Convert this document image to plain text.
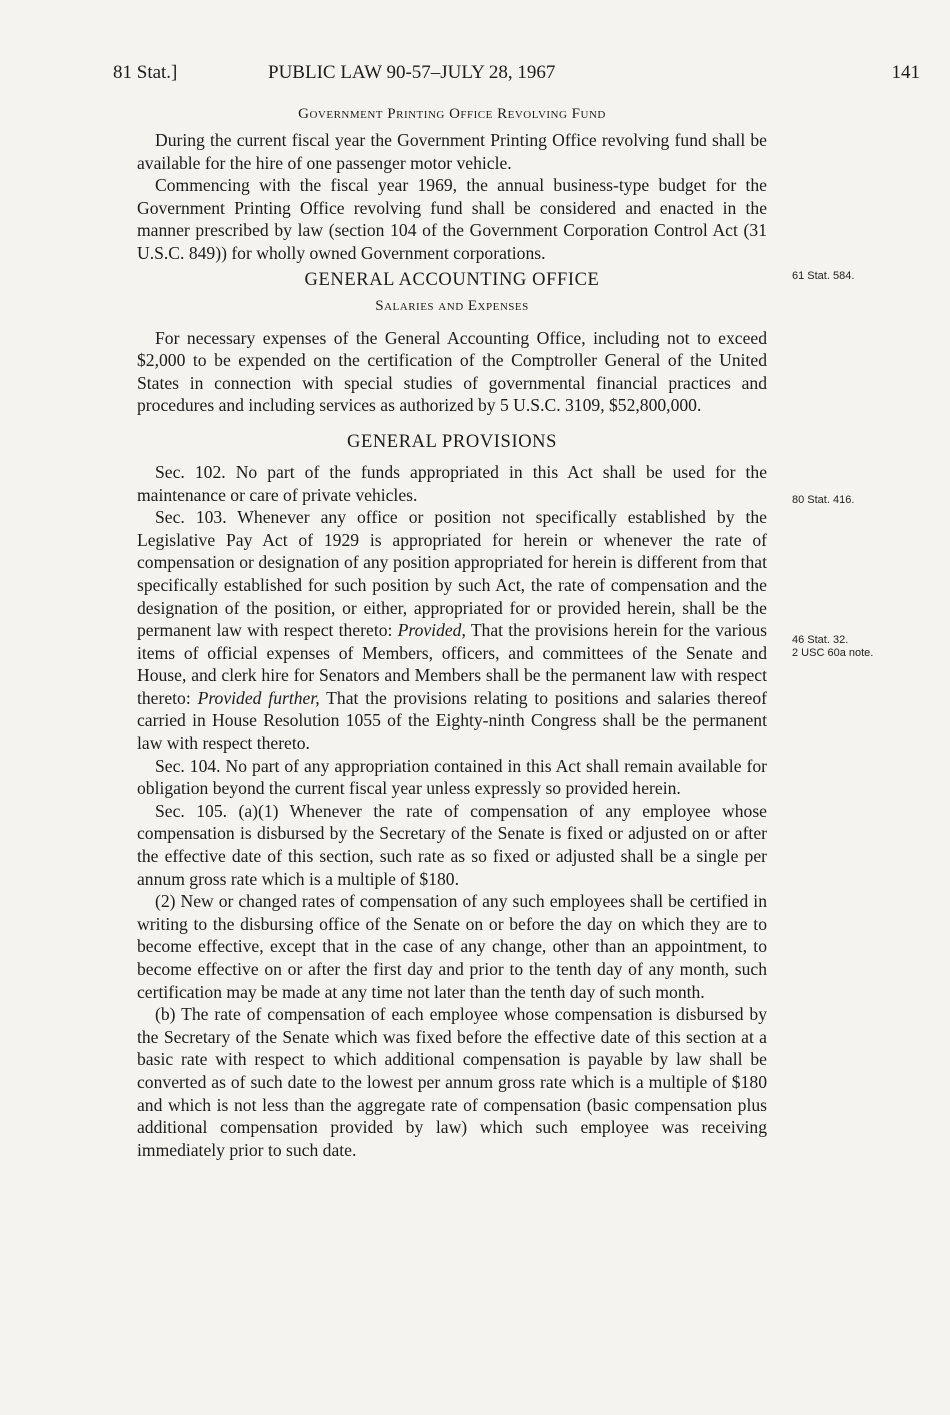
81 Stat.]	PUBLIC LAW 90-57–JULY 28, 1967	141
Government Printing Office Revolving Fund

During the current fiscal year the Government Printing Office revolving fund shall be available for the hire of one passenger motor vehicle.

Commencing with the fiscal year 1969, the annual business-type budget for the Government Printing Office revolving fund shall be considered and enacted in the manner prescribed by law (section 104 of the Government Corporation Control Act (31 U.S.C. 849)) for wholly owned Government corporations.

GENERAL ACCOUNTING OFFICE
Salaries and Expenses

For necessary expenses of the General Accounting Office, including not to exceed $2,000 to be expended on the certification of the Comptroller General of the United States in connection with special studies of governmental financial practices and procedures and including services as authorized by 5 U.S.C. 3109, $52,800,000.

GENERAL PROVISIONS

Sec. 102. No part of the funds appropriated in this Act shall be used for the maintenance or care of private vehicles.

Sec. 103. Whenever any office or position not specifically established by the Legislative Pay Act of 1929 is appropriated for herein or whenever the rate of compensation or designation of any position appropriated for herein is different from that specifically established for such position by such Act, the rate of compensation and the designation of the position, or either, appropriated for or provided herein, shall be the permanent law with respect thereto: Provided, That the provisions herein for the various items of official expenses of Members, officers, and committees of the Senate and House, and clerk hire for Senators and Members shall be the permanent law with respect thereto: Provided further, That the provisions relating to positions and salaries thereof carried in House Resolution 1055 of the Eighty-ninth Congress shall be the permanent law with respect thereto.

Sec. 104. No part of any appropriation contained in this Act shall remain available for obligation beyond the current fiscal year unless expressly so provided herein.

Sec. 105. (a)(1) Whenever the rate of compensation of any employee whose compensation is disbursed by the Secretary of the Senate is fixed or adjusted on or after the effective date of this section, such rate as so fixed or adjusted shall be a single per annum gross rate which is a multiple of $180.

(2) New or changed rates of compensation of any such employees shall be certified in writing to the disbursing office of the Senate on or before the day on which they are to become effective, except that in the case of any change, other than an appointment, to become effective on or after the first day and prior to the tenth day of any month, such certification may be made at any time not later than the tenth day of such month.

(b) The rate of compensation of each employee whose compensation is disbursed by the Secretary of the Senate which was fixed before the effective date of this section at a basic rate with respect to which additional compensation is payable by law shall be converted as of such date to the lowest per annum gross rate which is a multiple of $180 and which is not less than the aggregate rate of compensation (basic compensation plus additional compensation provided by law) which such employee was receiving immediately prior to such date.

61 Stat. 584.
80 Stat. 416.
46 Stat. 32.
2 USC 60a note.
